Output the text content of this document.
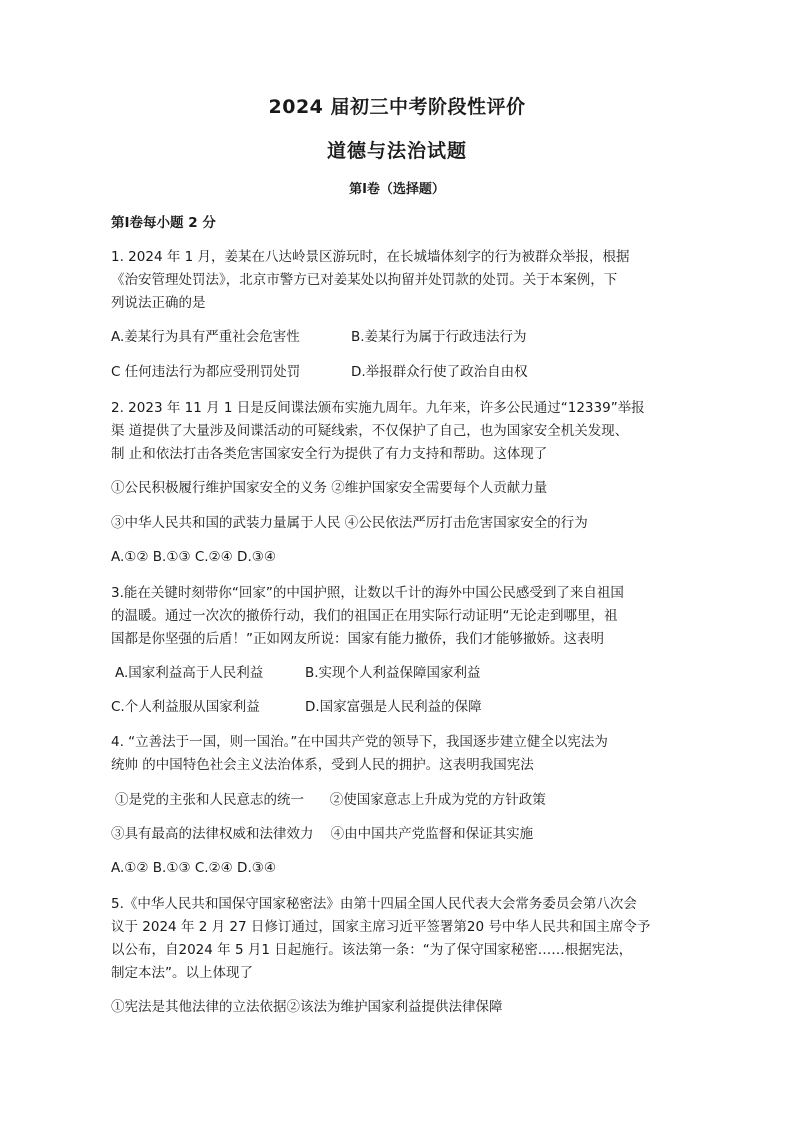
2024 届初三中考阶段性评价
道德与法治试题
第Ⅰ卷（选择题）
第Ⅰ卷每小题 2 分
1. 2024 年 1 月，姜某在八达岭景区游玩时，在长城墙体刻字的行为被群众举报，根据
《治安管理处罚法》，北京市警方已对姜某处以拘留并处罚款的处罚。关于本案例，下
列说法正确的是
A.姜某行为具有严重社会危害性	B.姜某行为属于行政违法行为
C 任何违法行为都应受刑罚处罚	D.举报群众行使了政治自由权
2. 2023 年 11 月 1 日是反间谍法颁布实施九周年。九年来，许多公民通过“12339”举报
渠 道提供了大量涉及间谍活动的可疑线索，不仅保护了自己，也为国家安全机关发现、
制 止和依法打击各类危害国家安全行为提供了有力支持和帮助。这体现了
①公民积极履行维护国家安全的义务 ②维护国家安全需要每个人贡献力量
③中华人民共和国的武装力量属于人民 ④公民依法严厉打击危害国家安全的行为
A.①② B.①③ C.②④ D.③④
3.能在关键时刻带你“回家”的中国护照，让数以千计的海外中国公民感受到了来自祖国
的温暖。通过一次次的撤侨行动，我们的祖国正在用实际行动证明“无论走到哪里，祖
国都是你坚强的后盾！”正如网友所说：国家有能力撤侨，我们才能够撤娇。这表明
A.国家利益高于人民利益	B.实现个人利益保障国家利益
C.个人利益服从国家利益	D.国家富强是人民利益的保障
4. “立善法于一国，则一国治。”在中国共产党的领导下，我国逐步建立健全以宪法为
统帅 的中国特色社会主义法治体系，受到人民的拥护。这表明我国宪法
①是党的主张和人民意志的统一      ②使国家意志上升成为党的方针政策
③具有最高的法律权威和法律效力    ④由中国共产党监督和保证其实施
A.①② B.①③ C.②④ D.③④
5.《中华人民共和国保守国家秘密法》由第十四届全国人民代表大会常务委员会第八次会
议于 2024 年 2 月 27 日修订通过，国家主席习近平签署第20 号中华人民共和国主席令予
以公布，自2024 年 5 月1 日起施行。该法第一条：“为了保守国家秘密……根据宪法，
制定本法”。以上体现了
①宪法是其他法律的立法依据②该法为维护国家利益提供法律保障
